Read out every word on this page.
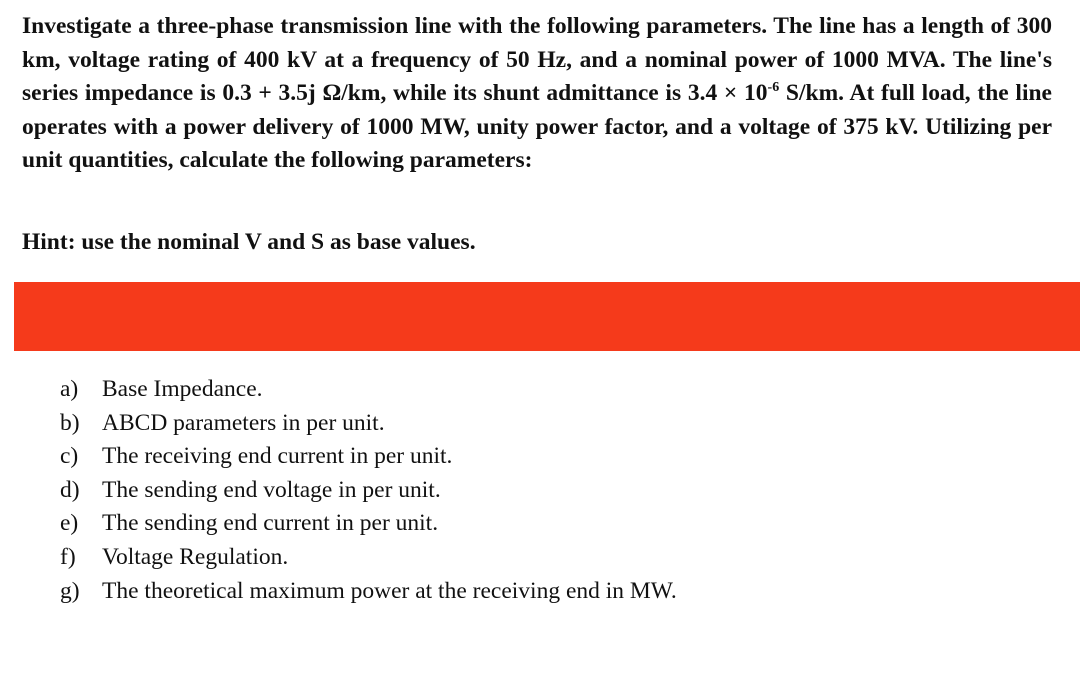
Investigate a three-phase transmission line with the following parameters. The line has a length of 300 km, voltage rating of 400 kV at a frequency of 50 Hz, and a nominal power of 1000 MVA. The line's series impedance is 0.3 + 3.5j Ω/km, while its shunt admittance is $3.4 \times 10^{-6}$ S/km. At full load, the line operates with a power delivery of 1000 MW, unity power factor, and a voltage of 375 kV. Utilizing per unit quantities, calculate the following parameters:

Hint: use the nominal V and S as base values.

a)	Base Impedance.
b) ABCD parameters in per unit.
c)	The receiving end current in per unit.
d) The sending end voltage in per unit.
e)	The sending end current in per unit.
f)	Voltage Regulation.
g) The theoretical maximum power at the receiving end in MW.
